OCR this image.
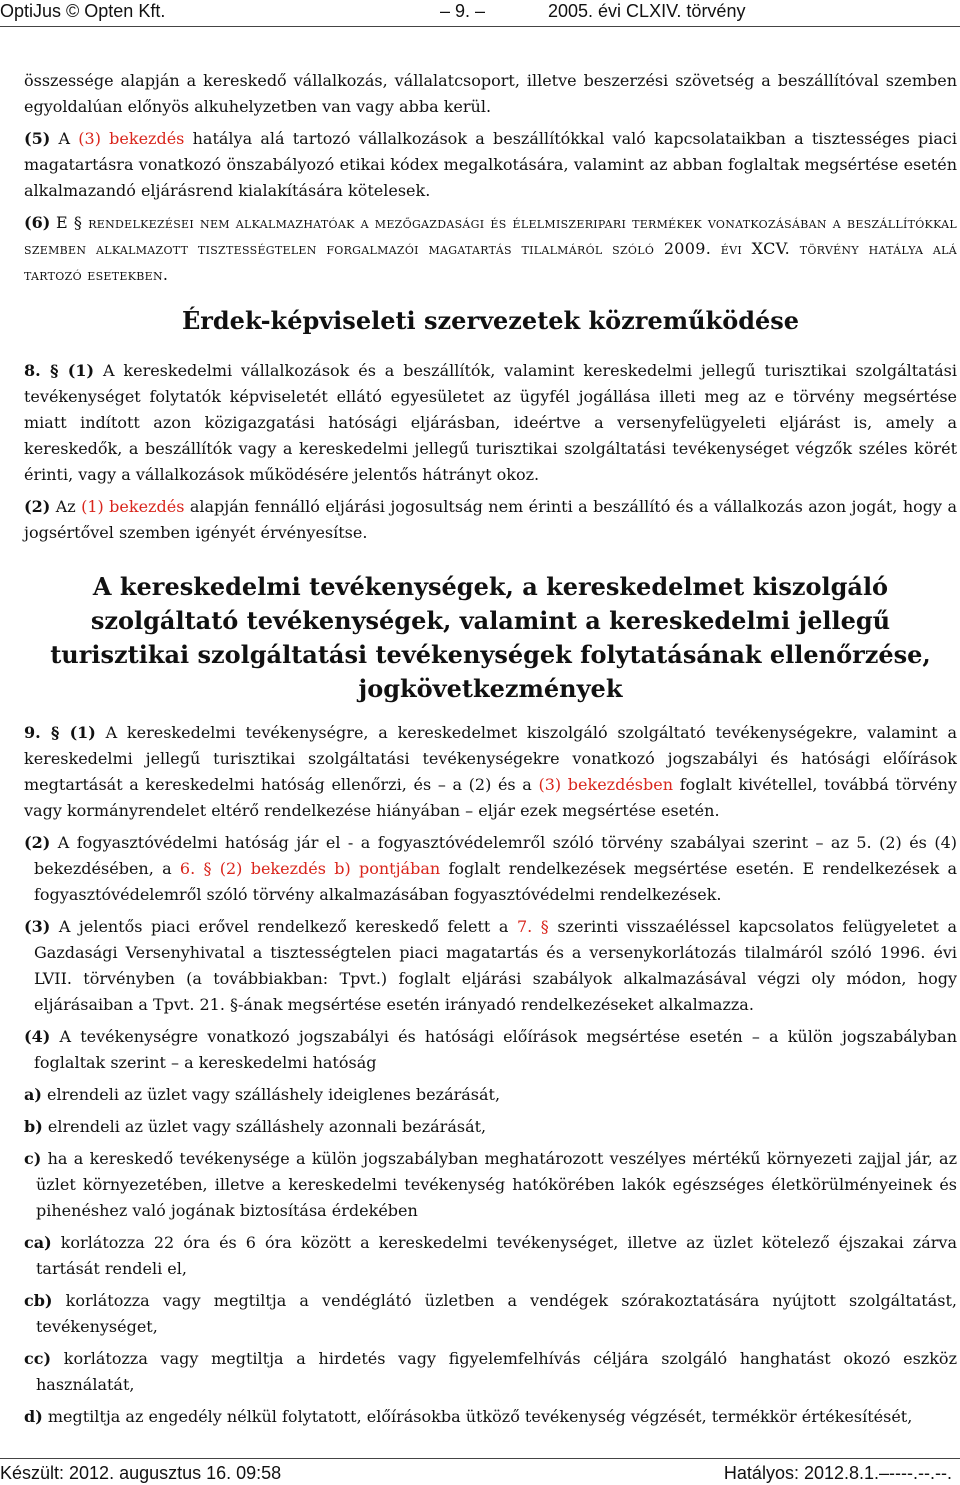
OptiJus © Opten Kft.	– 9. –	2005. évi CLXIV. törvény

összessége alapján a kereskedő vállalkozás, vállalatcsoport, illetve beszerzési szövetség a beszállítóval szemben egyoldalúan előnyös alkuhelyzetben van vagy abba kerül.

(5) A (3) bekezdés hatálya alá tartozó vállalkozások a beszállítókkal való kapcsolataikban a tisztességes piaci magatartásra vonatkozó önszabályozó etikai kódex megalkotására, valamint az abban foglaltak megsértése esetén alkalmazandó eljárásrend kialakítására kötelesek.

(6) E § rendelkezései nem alkalmazhatóak a mezőgazdasági és élelmiszeripari termékek vonatkozásában a beszállítókkal szemben alkalmazott tisztességtelen forgalmazói magatartás tilalmáról szóló 2009. évi XCV. törvény hatálya alá tartozó esetekben.

Érdek-képviseleti szervezetek közreműködése

8. § (1) A kereskedelmi vállalkozások és a beszállítók, valamint kereskedelmi jellegű turisztikai szolgáltatási tevékenységet folytatók képviseletét ellátó egyesületet az ügyfél jogállása illeti meg az e törvény megsértése miatt indított azon közigazgatási hatósági eljárásban, ideértve a versenyfelügyeleti eljárást is, amely a kereskedők, a beszállítók vagy a kereskedelmi jellegű turisztikai szolgáltatási tevékenységet végzők széles körét érinti, vagy a vállalkozások működésére jelentős hátrányt okoz.

(2) Az (1) bekezdés alapján fennálló eljárási jogosultság nem érinti a beszállító és a vállalkozás azon jogát, hogy a jogsértővel szemben igényét érvényesítse.

A kereskedelmi tevékenységek, a kereskedelmet kiszolgáló szolgáltató tevékenységek, valamint a kereskedelmi jellegű turisztikai szolgáltatási tevékenységek folytatásának ellenőrzése, jogkövetkezmények

9. § (1) A kereskedelmi tevékenységre, a kereskedelmet kiszolgáló szolgáltató tevékenységekre, valamint a kereskedelmi jellegű turisztikai szolgáltatási tevékenységekre vonatkozó jogszabályi és hatósági előírások megtartását a kereskedelmi hatóság ellenőrzi, és – a (2) és a (3) bekezdésben foglalt kivétellel, továbbá törvény vagy kormányrendelet eltérő rendelkezése hiányában – eljár ezek megsértése esetén.

(2) A fogyasztóvédelmi hatóság jár el - a fogyasztóvédelemről szóló törvény szabályai szerint – az 5. (2) és (4) bekezdésében, a 6. § (2) bekezdés b) pontjában foglalt rendelkezések megsértése esetén. E rendelkezések a fogyasztóvédelemről szóló törvény alkalmazásában fogyasztóvédelmi rendelkezések.

(3) A jelentős piaci erővel rendelkező kereskedő felett a 7. § szerinti visszaéléssel kapcsolatos felügyeletet a Gazdasági Versenyhivatal a tisztességtelen piaci magatartás és a versenykorlátozás tilalmáról szóló 1996. évi LVII. törvényben (a továbbiakban: Tpvt.) foglalt eljárási szabályok alkalmazásával végzi oly módon, hogy eljárásaiban a Tpvt. 21. §-ának megsértése esetén irányadó rendelkezéseket alkalmazza.

(4) A tevékenységre vonatkozó jogszabályi és hatósági előírások megsértése esetén – a külön jogszabályban foglaltak szerint – a kereskedelmi hatóság

a) elrendeli az üzlet vagy szálláshely ideiglenes bezárását,

b) elrendeli az üzlet vagy szálláshely azonnali bezárását,

c) ha a kereskedő tevékenysége a külön jogszabályban meghatározott veszélyes mértékű környezeti zajjal jár, az üzlet környezetében, illetve a kereskedelmi tevékenység hatókörében lakók egészséges életkörülményeinek és pihenéshez való jogának biztosítása érdekében

ca) korlátozza 22 óra és 6 óra között a kereskedelmi tevékenységet, illetve az üzlet kötelező éjszakai zárva tartását rendeli el,

cb) korlátozza vagy megtiltja a vendéglátó üzletben a vendégek szórakoztatására nyújtott szolgáltatást, tevékenységet,

cc) korlátozza vagy megtiltja a hirdetés vagy figyelemfelhívás céljára szolgáló hanghatást okozó eszköz használatát,

d) megtiltja az engedély nélkül folytatott, előírásokba ütköző tevékenység végzését, termékkör értékesítését,

Készült: 2012. augusztus 16. 09:58	Hatályos: 2012.8.1.–----.--.--.
